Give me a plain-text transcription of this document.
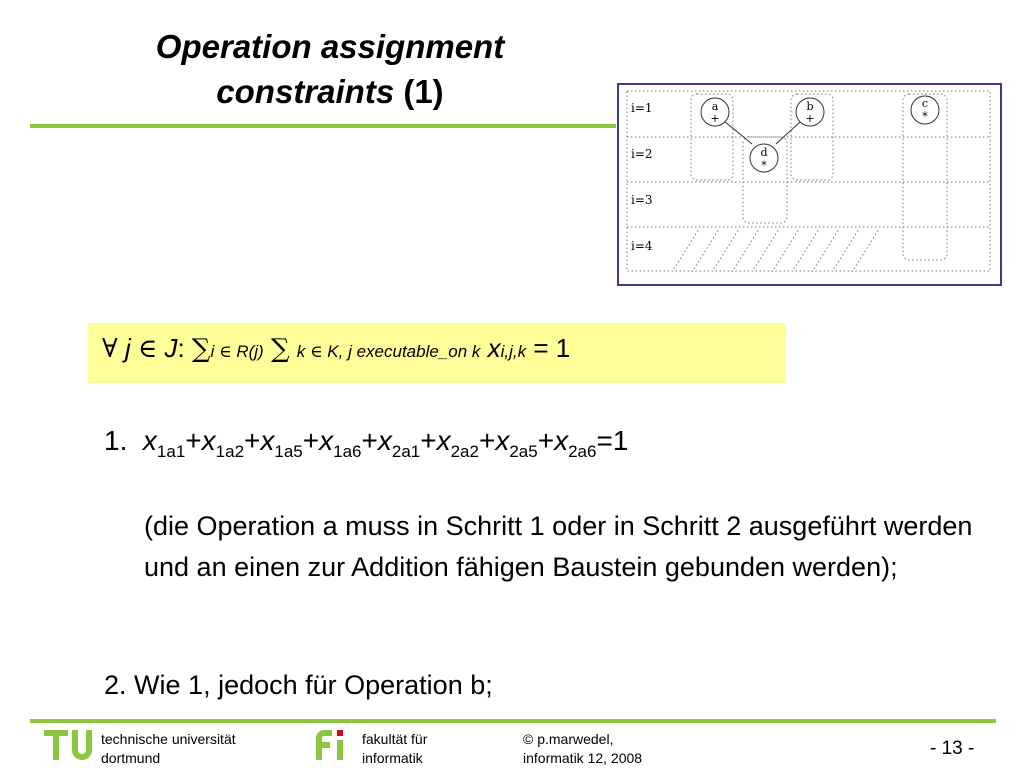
Operation assignment
constraints (1)	i=1
i=2
i=3
i=4
a
+
b
+
c
*
d
*
∀ j ∈ J: ∑i ∈ R(j) ∑ k ∈ K, j executable_on k xi,j,k = 1
1. $x_{1a1}+x_{1a2}+x_{1a5}+x_{1a6}+x_{2a1}+x_{2a2}+x_{2a5}+x_{2a6}=1$
(die Operation a muss in Schritt 1 oder in Schritt 2 ausgeführt werden und an einen zur Addition fähigen Baustein gebunden werden);
2. Wie 1, jedoch für Operation b;
technische universität
dortmund
fakultät für
informatik
© p.marwedel,
informatik 12, 2008	- 13 -
